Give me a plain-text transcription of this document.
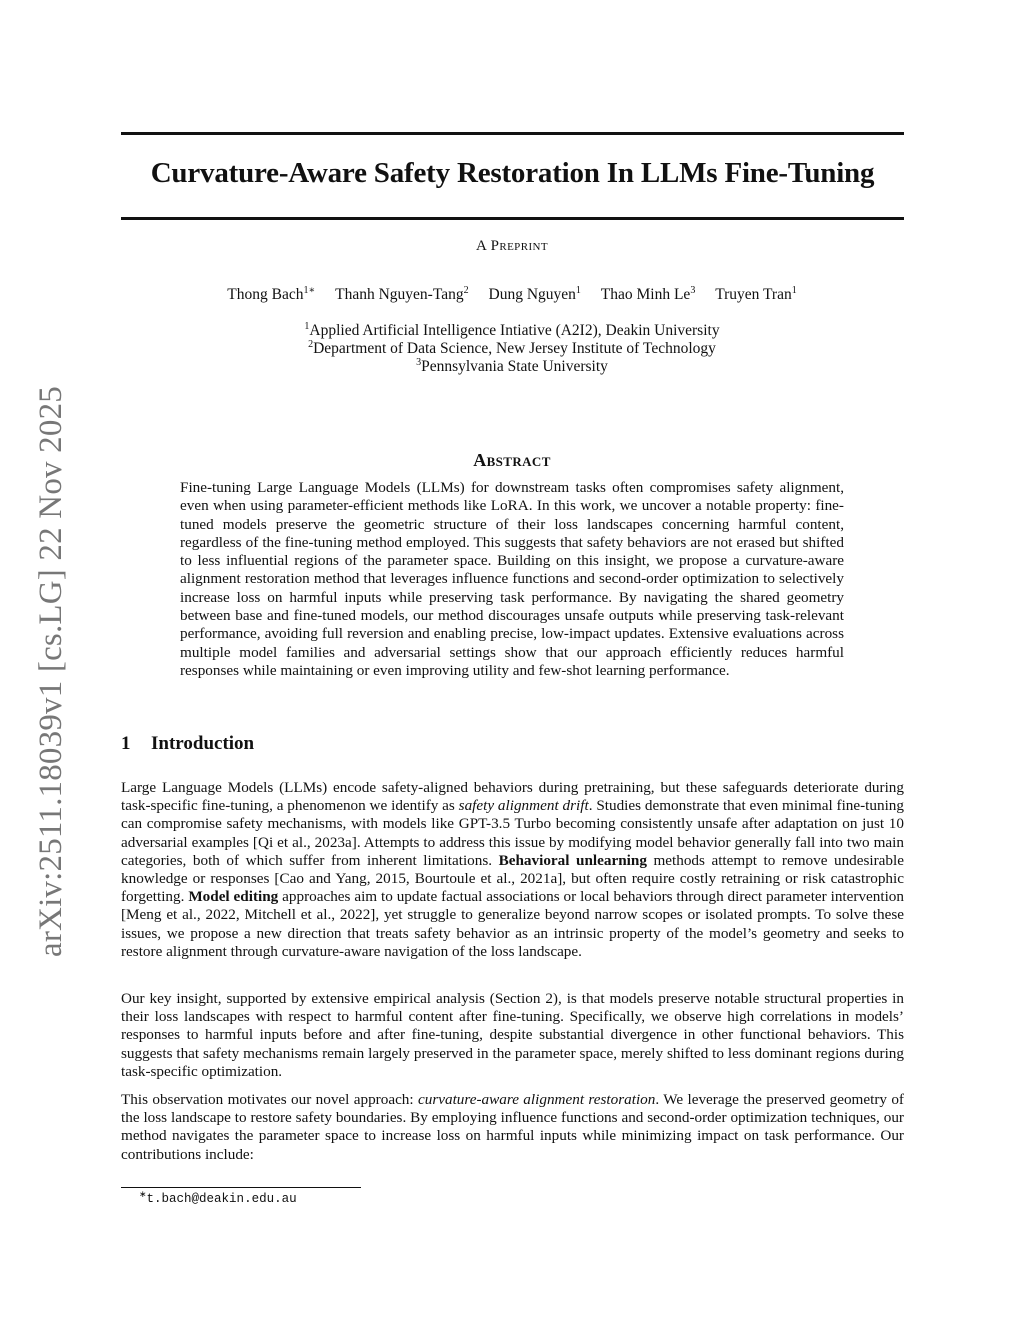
arXiv:2511.18039v1 [cs.LG] 22 Nov 2025
Curvature-Aware Safety Restoration In LLMs Fine-Tuning
A Preprint
Thong Bach$^{1∗}$ Thanh Nguyen-Tang$^2$ Dung Nguyen$^1$ Thao Minh Le$^3$ Truyen Tran$^1$
$^1$Applied Artificial Intelligence Intiative (A2I2), Deakin University
$^2$Department of Data Science, New Jersey Institute of Technology
$^3$Pennsylvania State University
Abstract

Fine-tuning Large Language Models (LLMs) for downstream tasks often compromises safety alignment, even when using parameter-efficient methods like LoRA. In this work, we uncover a notable property: fine-tuned models preserve the geometric structure of their loss landscapes concerning harmful content, regardless of the fine-tuning method employed. This suggests that safety behaviors are not erased but shifted to less influential regions of the parameter space. Building on this insight, we propose a curvature-aware alignment restoration method that leverages influence functions and second-order optimization to selectively increase loss on harmful inputs while preserving task performance. By navigating the shared geometry between base and fine-tuned models, our method discourages unsafe outputs while preserving task-relevant performance, avoiding full reversion and enabling precise, low-impact updates. Extensive evaluations across multiple model families and adversarial settings show that our approach efficiently reduces harmful responses while maintaining or even improving utility and few-shot learning performance.

1 Introduction

Large Language Models (LLMs) encode safety-aligned behaviors during pretraining, but these safeguards deteriorate during task-specific fine-tuning, a phenomenon we identify as safety alignment drift. Studies demonstrate that even minimal fine-tuning can compromise safety mechanisms, with models like GPT-3.5 Turbo becoming consistently unsafe after adaptation on just 10 adversarial examples [Qi et al., 2023a]. Attempts to address this issue by modifying model behavior generally fall into two main categories, both of which suffer from inherent limitations. Behavioral unlearning methods attempt to remove undesirable knowledge or responses [Cao and Yang, 2015, Bourtoule et al., 2021a], but often require costly retraining or risk catastrophic forgetting. Model editing approaches aim to update factual associations or local behaviors through direct parameter intervention [Meng et al., 2022, Mitchell et al., 2022], yet struggle to generalize beyond narrow scopes or isolated prompts. To solve these issues, we propose a new direction that treats safety behavior as an intrinsic property of the model’s geometry and seeks to restore alignment through curvature-aware navigation of the loss landscape.

Our key insight, supported by extensive empirical analysis (Section 2), is that models preserve notable structural properties in their loss landscapes with respect to harmful content after fine-tuning. Specifically, we observe high correlations in models’ responses to harmful inputs before and after fine-tuning, despite substantial divergence in other functional behaviors. This suggests that safety mechanisms remain largely preserved in the parameter space, merely shifted to less dominant regions during task-specific optimization.

This observation motivates our novel approach: curvature-aware alignment restoration. We leverage the preserved geometry of the loss landscape to restore safety boundaries. By employing influence functions and second-order optimization techniques, our method navigates the parameter space to increase loss on harmful inputs while minimizing impact on task performance. Our contributions include:

∗t.bach@deakin.edu.au
